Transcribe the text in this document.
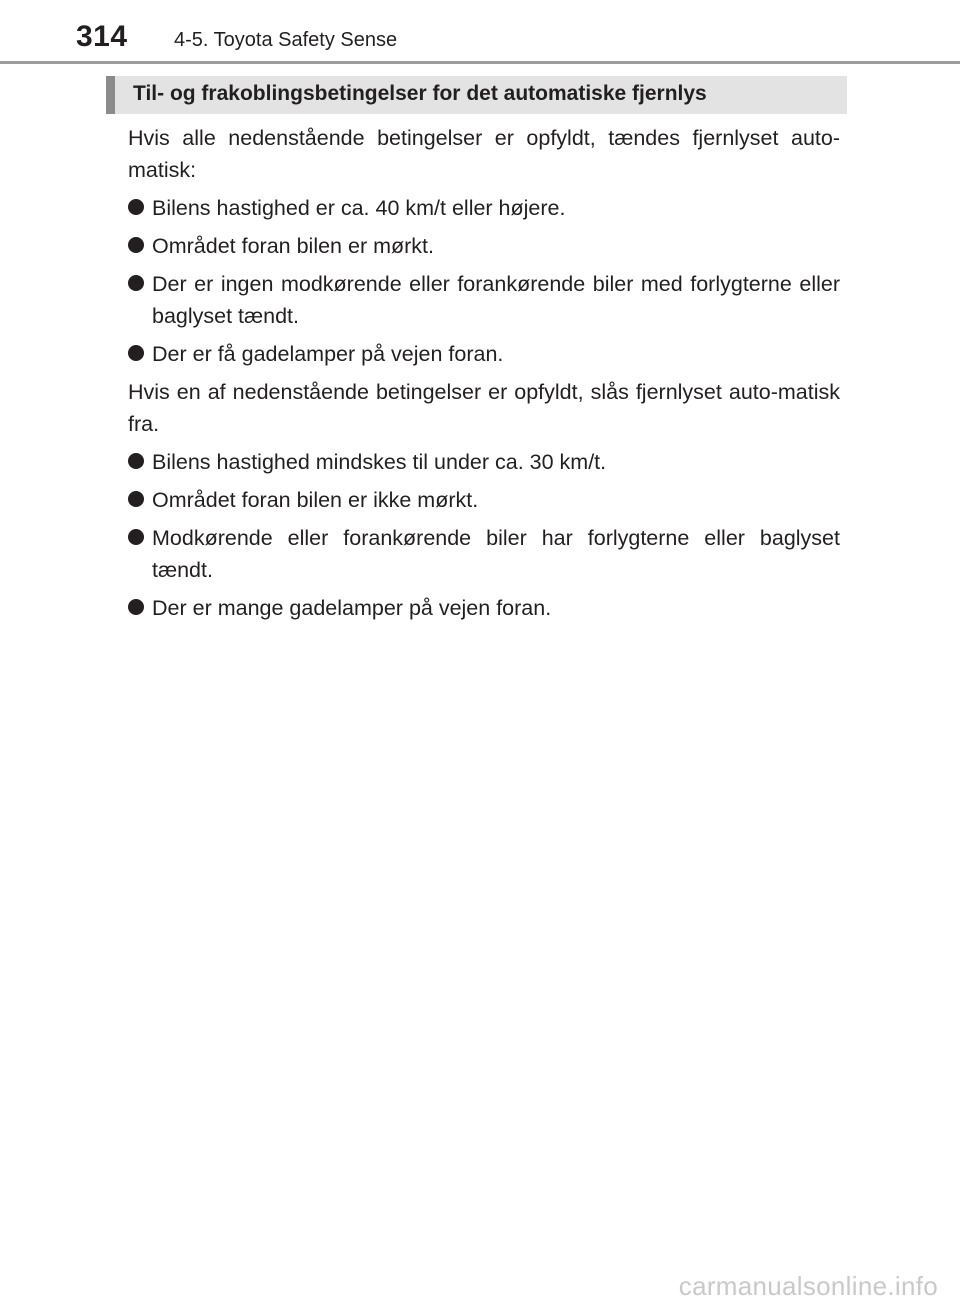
314 4-5. Toyota Safety Sense
Til- og frakoblingsbetingelser for det automatiske fjernlys

Hvis alle nedenstående betingelser er opfyldt, tændes fjernlyset auto-matisk:

Bilens hastighed er ca. 40 km/t eller højere.
Området foran bilen er mørkt.
Der er ingen modkørende eller forankørende biler med forlygterne eller baglyset tændt.
Der er få gadelamper på vejen foran.

Hvis en af nedenstående betingelser er opfyldt, slås fjernlyset auto-matisk fra.

Bilens hastighed mindskes til under ca. 30 km/t.
Området foran bilen er ikke mørkt.
Modkørende eller forankørende biler har forlygterne eller baglyset tændt.
Der er mange gadelamper på vejen foran.
carmanualsonline.info
